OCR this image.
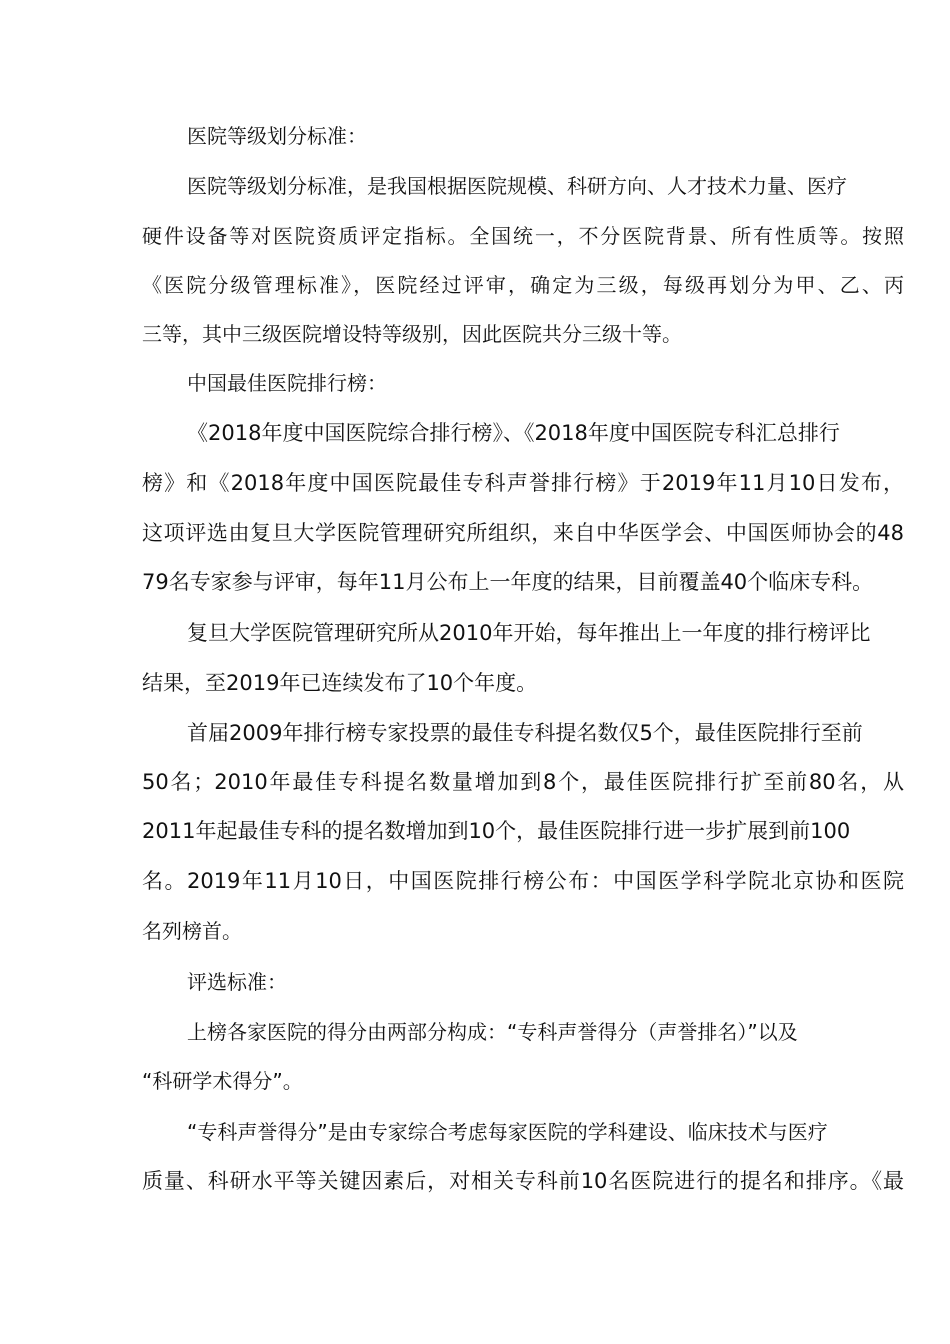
医院等级划分标准：
医院等级划分标准，是我国根据医院规模、科研方向、人才技术力量、医疗
硬件设备等对医院资质评定指标。全国统一，不分医院背景、所有性质等。按照
《医院分级管理标准》，医院经过评审，确定为三级，每级再划分为甲、乙、丙
三等，其中三级医院增设特等级别，因此医院共分三级十等。
中国最佳医院排行榜：
《2018年度中国医院综合排行榜》、《2018年度中国医院专科汇总排行
榜》和《2018年度中国医院最佳专科声誉排行榜》于2019年11月10日发布，
这项评选由复旦大学医院管理研究所组织，来自中华医学会、中国医师协会的48
79名专家参与评审，每年11月公布上一年度的结果，目前覆盖40个临床专科。
复旦大学医院管理研究所从2010年开始，每年推出上一年度的排行榜评比
结果，至2019年已连续发布了10个年度。
首届2009年排行榜专家投票的最佳专科提名数仅5个，最佳医院排行至前
50名；2010年最佳专科提名数量增加到8个，最佳医院排行扩至前80名，从
2011年起最佳专科的提名数增加到10个，最佳医院排行进一步扩展到前100
名。2019年11月10日，中国医院排行榜公布：中国医学科学院北京协和医院
名列榜首。
评选标准：
上榜各家医院的得分由两部分构成：“专科声誉得分（声誉排名）”以及
“科研学术得分”。
“专科声誉得分”是由专家综合考虑每家医院的学科建设、临床技术与医疗
质量、科研水平等关键因素后，对相关专科前10名医院进行的提名和排序。《最
